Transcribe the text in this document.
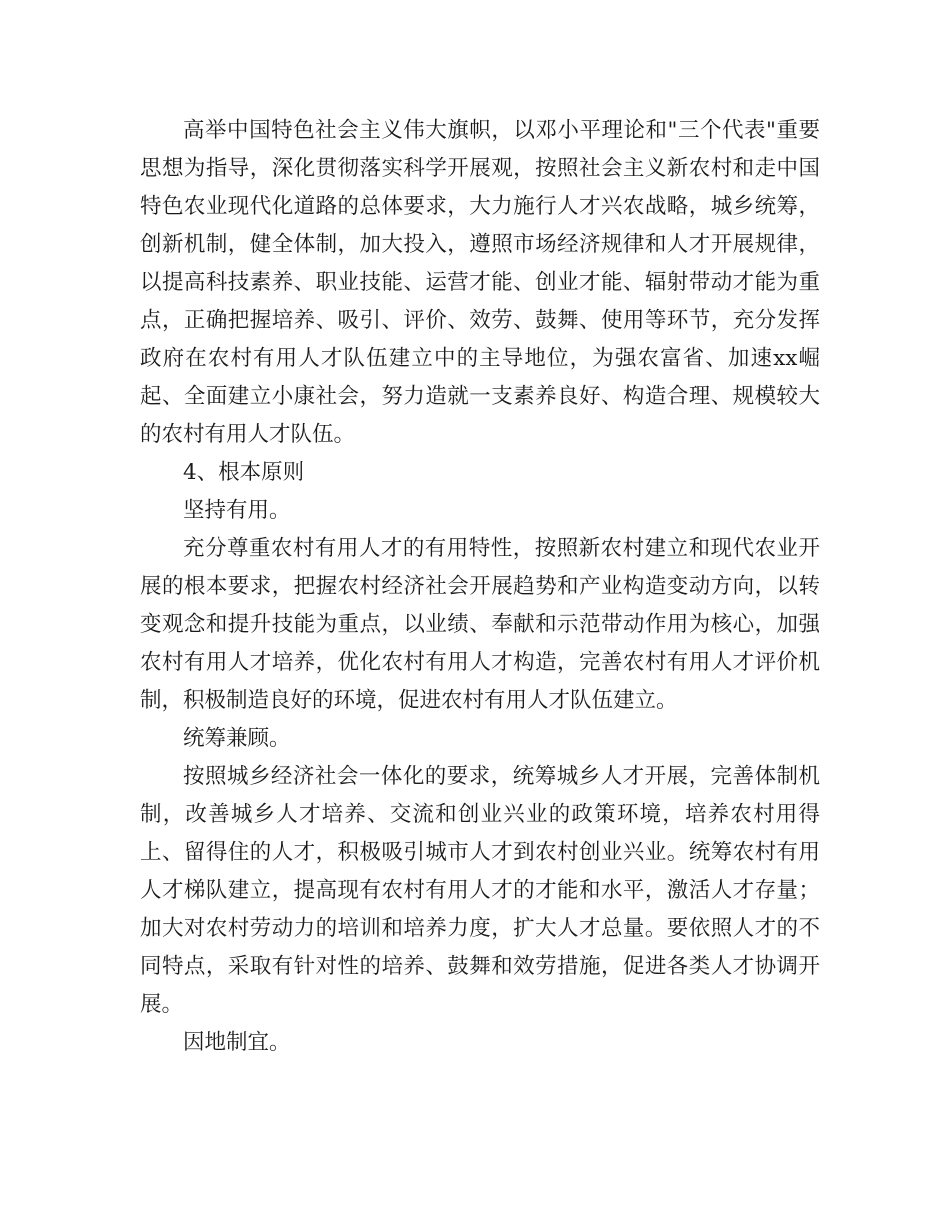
高举中国特色社会主义伟大旗帜，以邓小平理论和"三个代表"重要思想为指导，深化贯彻落实科学开展观，按照社会主义新农村和走中国特色农业现代化道路的总体要求，大力施行人才兴农战略，城乡统筹，创新机制，健全体制，加大投入，遵照市场经济规律和人才开展规律，以提高科技素养、职业技能、运营才能、创业才能、辐射带动才能为重点，正确把握培养、吸引、评价、效劳、鼓舞、使用等环节，充分发挥政府在农村有用人才队伍建立中的主导地位，为强农富省、加速xx崛起、全面建立小康社会，努力造就一支素养良好、构造合理、规模较大的农村有用人才队伍。

4、根本原则

坚持有用。

充分尊重农村有用人才的有用特性，按照新农村建立和现代农业开展的根本要求，把握农村经济社会开展趋势和产业构造变动方向，以转变观念和提升技能为重点，以业绩、奉献和示范带动作用为核心，加强农村有用人才培养，优化农村有用人才构造，完善农村有用人才评价机制，积极制造良好的环境，促进农村有用人才队伍建立。

统筹兼顾。

按照城乡经济社会一体化的要求，统筹城乡人才开展，完善体制机制，改善城乡人才培养、交流和创业兴业的政策环境，培养农村用得上、留得住的人才，积极吸引城市人才到农村创业兴业。统筹农村有用人才梯队建立，提高现有农村有用人才的才能和水平，激活人才存量；加大对农村劳动力的培训和培养力度，扩大人才总量。要依照人才的不同特点，采取有针对性的培养、鼓舞和效劳措施，促进各类人才协调开展。

因地制宜。
